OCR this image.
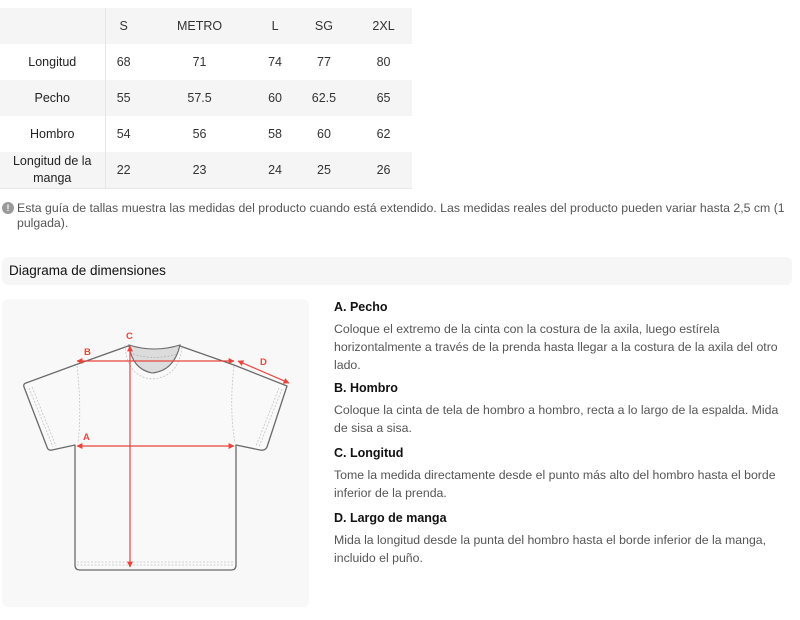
	S	METRO	L	SG	2XL
Longitud	68	71	74	77	80
Pecho	55	57.5	60	62.5	65
Hombro	54	56	58	60	62
Longitud de la manga	22	23	24	25	26
! Esta guía de tallas muestra las medidas del producto cuando está extendido. Las medidas reales del producto pueden variar hasta 2,5 cm (1 pulgada).
Diagrama de dimensiones
B
A
C
D
A. Pecho
Coloque el extremo de la cinta con la costura de la axila, luego estírela horizontalmente a través de la prenda hasta llegar a la costura de la axila del otro lado.
B. Hombro
Coloque la cinta de tela de hombro a hombro, recta a lo largo de la espalda. Mida de sisa a sisa.
C. Longitud
Tome la medida directamente desde el punto más alto del hombro hasta el borde inferior de la prenda.
D. Largo de manga
Mida la longitud desde la punta del hombro hasta el borde inferior de la manga, incluido el puño.
